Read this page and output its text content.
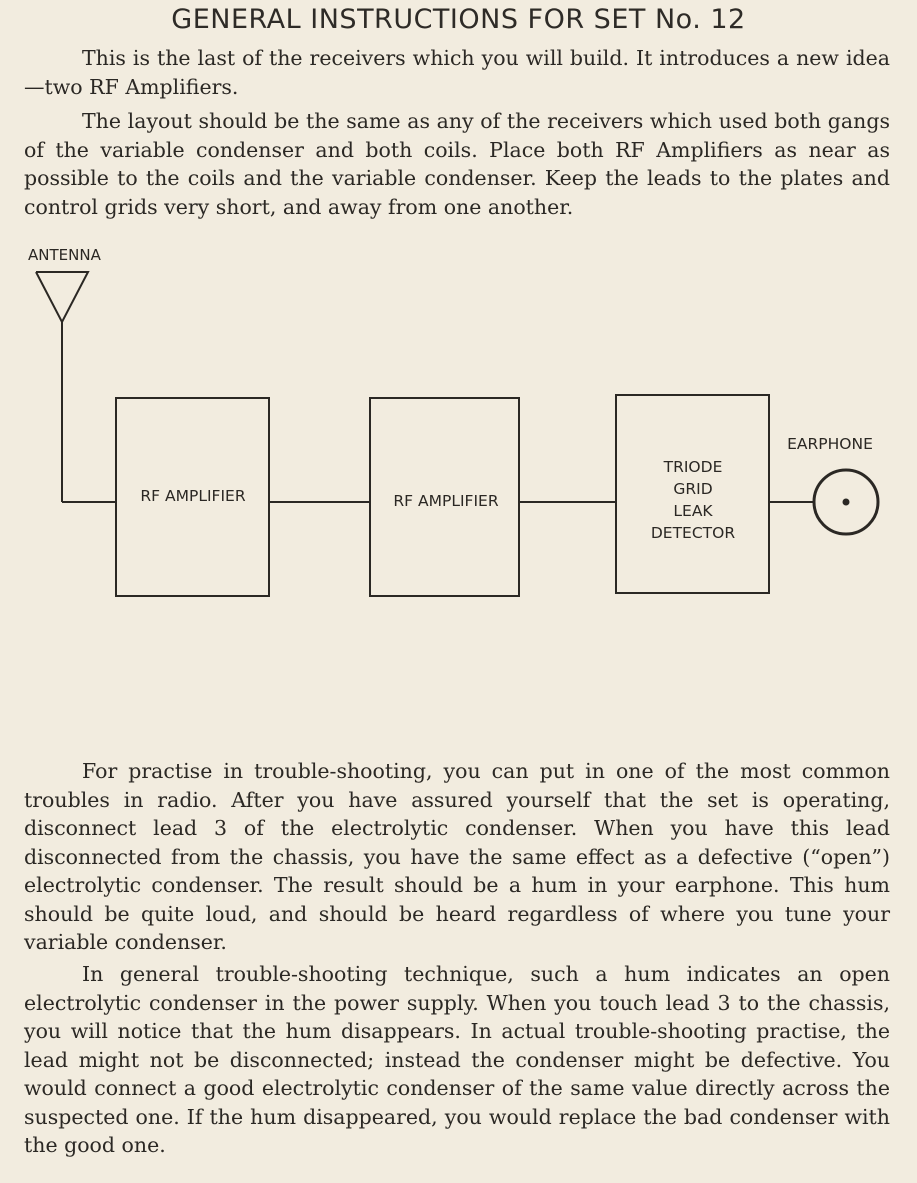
GENERAL INSTRUCTIONS FOR SET No. 12

This is the last of the receivers which you will build. It introduces a new idea—two RF Amplifiers.

The layout should be the same as any of the receivers which used both gangs of the variable condenser and both coils. Place both RF Amplifiers as near as possible to the coils and the variable condenser. Keep the leads to the plates and control grids very short, and away from one another.

ANTENNA
RF AMPLIFIER	RF AMPLIFIER
TRIODE
GRID
LEAK
DETECTOR
EARPHONE

For practise in trouble-shooting, you can put in one of the most common troubles in radio. After you have assured yourself that the set is operating, disconnect lead 3 of the electrolytic condenser. When you have this lead disconnected from the chassis, you have the same effect as a defective (“open”) electrolytic condenser. The result should be a hum in your earphone. This hum should be quite loud, and should be heard regardless of where you tune your variable condenser.

In general trouble-shooting technique, such a hum indicates an open electrolytic condenser in the power supply. When you touch lead 3 to the chassis, you will notice that the hum disappears. In actual trouble-shooting practise, the lead might not be disconnected; instead the condenser might be defective. You would connect a good electrolytic condenser of the same value directly across the suspected one. If the hum disappeared, you would replace the bad condenser with the good one.
